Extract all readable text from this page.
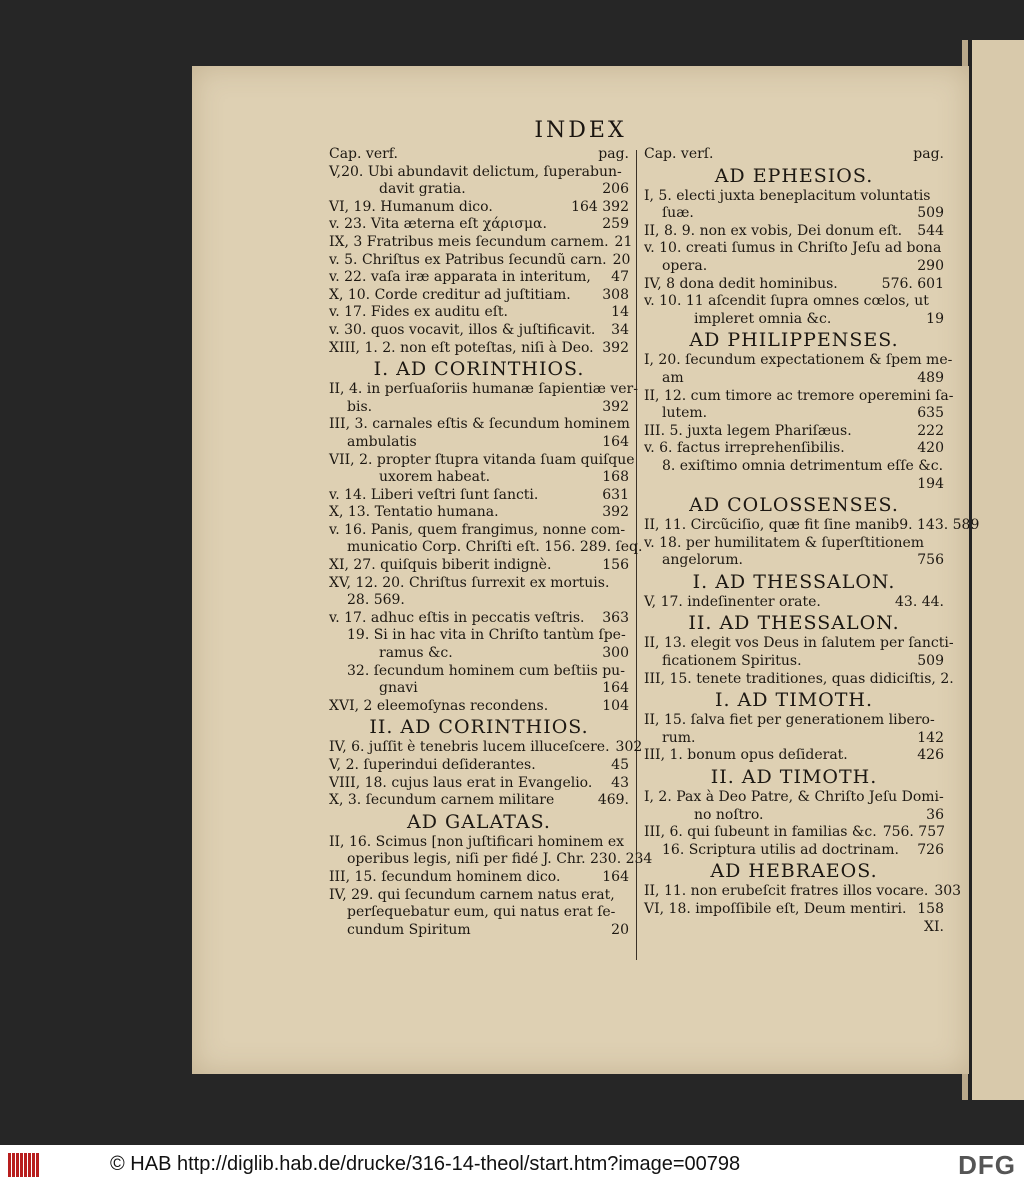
INDEX
Cap. verf.	pag.
V,20. Ubi abundavit delictum, ſuperabun-
davit gratia.	206
VI, 19. Humanum dico.	164 392
v. 23. Vita æterna eſt χάρισμα.	259
IX, 3 Fratribus meis ſecundum carnem. 21
v. 5. Chriſtus ex Patribus ſecundũ carn. 20
v. 22. vaſa iræ apparata in interitum,	47
X, 10. Corde creditur ad juſtitiam.	308
v. 17. Fides ex auditu eſt.	14
v. 30. quos vocavit, illos & juſtificavit.	34
XIII, 1. 2. non eſt poteſtas, niſi à Deo. 392
I. AD CORINTHIOS.
II, 4. in perſuaſoriis humanæ ſapientiæ ver-
bis.	392
III, 3. carnales eſtis & ſecundum hominem
ambulatis	164
VII, 2. propter ſtupra vitanda ſuam quiſque
uxorem habeat.	168
v. 14. Liberi veſtri ſunt ſancti.	631
X, 13. Tentatio humana.	392
v. 16. Panis, quem frangimus, nonne com-
municatio Corp. Chriſti eſt. 156. 289. ſeq.
XI, 27. quiſquis biberit indignè.	156
XV, 12. 20. Chriſtus ſurrexit ex mortuis.
28. 569.
v. 17. adhuc eſtis in peccatis veſtris.	363
19. Si in hac vita in Chriſto tantùm ſpe-
ramus &c.	300
32. ſecundum hominem cum beſtiis pu-
gnavi	164
XVI, 2 eleemoſynas recondens.	104
II. AD CORINTHIOS.
IV, 6. juſſit è tenebris lucem illuceſcere. 302
V, 2. ſuperindui deſiderantes.	45
VIII, 18. cujus laus erat in Evangelio.	43
X, 3. ſecundum carnem militare	469.
AD GALATAS.
II, 16. Scimus [non juſtificari hominem ex
operibus legis, niſi per fidé J. Chr. 230. 234
III, 15. ſecundum hominem dico.	164
IV, 29. qui ſecundum carnem natus erat,
perſequebatur eum, qui natus erat ſe-
cundum Spiritum	20
Cap. verſ.	pag.
AD EPHESIOS.
I, 5. electi juxta beneplacitum voluntatis
ſuæ.	509
II, 8. 9. non ex vobis, Dei donum eſt.	544
v. 10. creati ſumus in Chriſto Jeſu ad bona
opera.	290
IV, 8 dona dedit hominibus.	576. 601
v. 10. 11 aſcendit ſupra omnes cœlos, ut
impleret omnia &c.	19
AD PHILIPPENSES.
I, 20. ſecundum expectationem & ſpem me-
am	489
II, 12. cum timore ac tremore operemini ſa-
lutem.	635
III. 5. juxta legem Phariſæus.	222
v. 6. factus irreprehenſibilis.	420
8. exiſtimo omnia detrimentum eſſe &c.
194
AD COLOSSENSES.
II, 11. Circũciſio, quæ fit ſine manib9. 143. 589
v. 18. per humilitatem & ſuperſtitionem
angelorum.	756
I. AD THESSALON.
V, 17. indeſinenter orate.	43. 44.
II. AD THESSALON.
II, 13. elegit vos Deus in ſalutem per ſancti-
ficationem Spiritus.	509
III, 15. tenete traditiones, quas didiciſtis, 2.
I. AD TIMOTH.
II, 15. ſalva fiet per generationem libero-
rum.	142
III, 1. bonum opus deſiderat.	426
II. AD TIMOTH.
I, 2. Pax à Deo Patre, & Chriſto Jeſu Domi-
no noſtro.	36
III, 6. qui ſubeunt in familias &c. 756. 757
16. Scriptura utilis ad doctrinam.	726
AD HEBRAEOS.
II, 11. non erubeſcit fratres illos vocare. 303
VI, 18. impoſſibile eſt, Deum mentiri. 158
XI.
© HAB http://diglib.hab.de/drucke/316-14-theol/start.htm?image=00798	DFG
